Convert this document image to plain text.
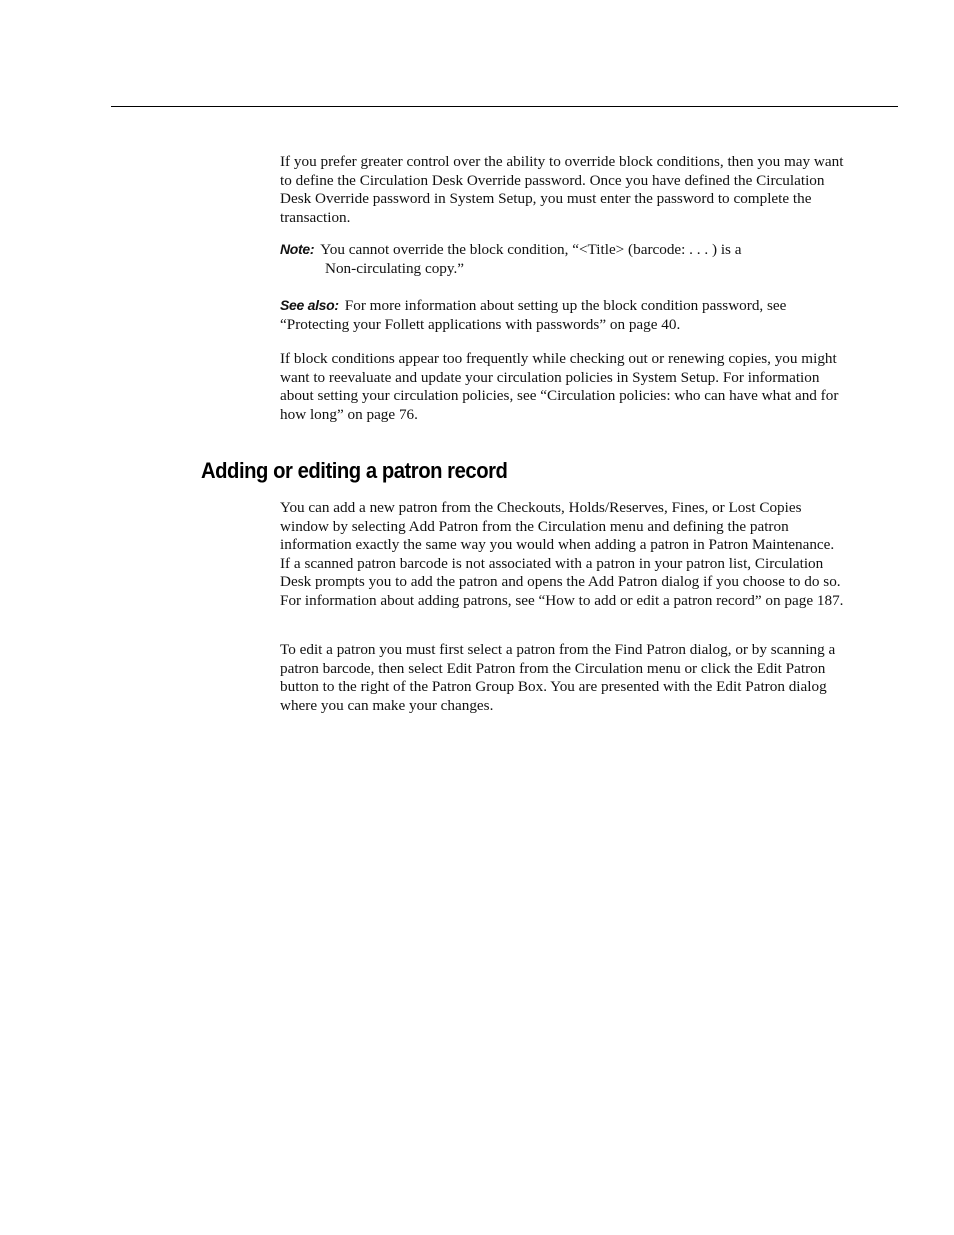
If you prefer greater control over the ability to override block conditions, then you may want to define the Circulation Desk Override password. Once you have defined the Circulation Desk Override password in System Setup, you must enter the password to complete the transaction.

Note: You cannot override the block condition, “<Title> (barcode: . . . ) is a

Non-circulating copy.”

See also: For more information about setting up the block condition password, see “Protecting your Follett applications with passwords” on page 40.

If block conditions appear too frequently while checking out or renewing copies, you might want to reevaluate and update your circulation policies in System Setup. For information about setting your circulation policies, see “Circulation policies: who can have what and for how long” on page 76.

Adding or editing a patron record

You can add a new patron from the Checkouts, Holds/Reserves, Fines, or Lost Copies window by selecting Add Patron from the Circulation menu and defining the patron information exactly the same way you would when adding a patron in Patron Maintenance. If a scanned patron barcode is not associated with a patron in your patron list, Circulation Desk prompts you to add the patron and opens the Add Patron dialog if you choose to do so. For information about adding patrons, see “How to add or edit a patron record” on page 187.

To edit a patron you must first select a patron from the Find Patron dialog, or by scanning a patron barcode, then select Edit Patron from the Circulation menu or click the Edit Patron button to the right of the Patron Group Box. You are presented with the Edit Patron dialog where you can make your changes.
